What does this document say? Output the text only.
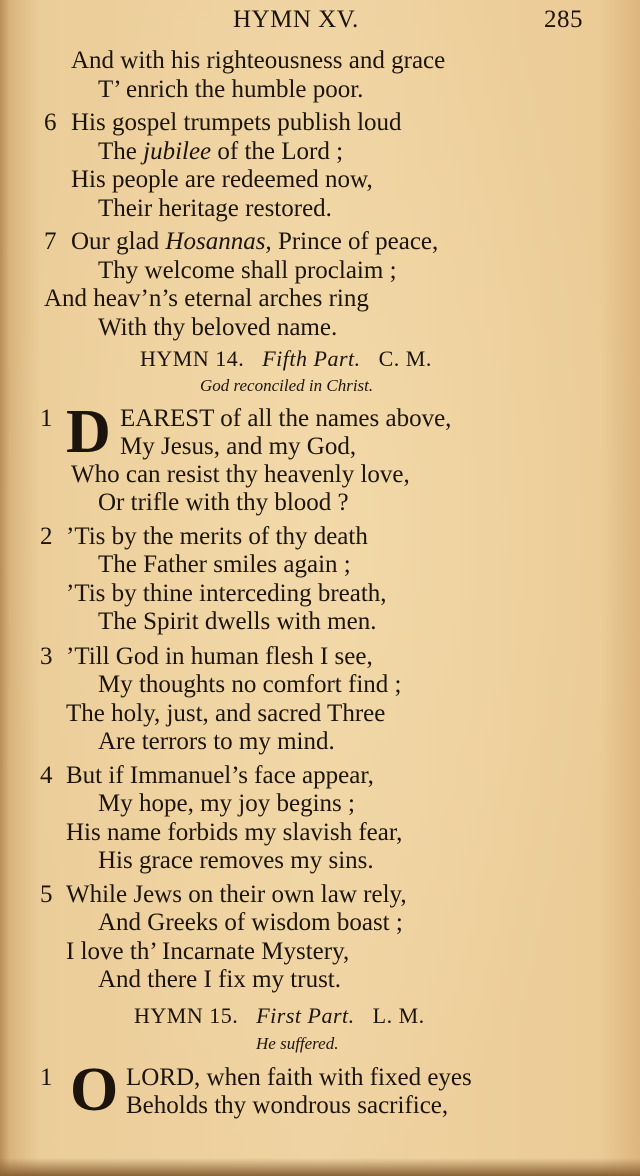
HYMN XV.	285
And with his righteousness and grace
T’ enrich the humble poor.
6 His gospel trumpets publish loud
The jubilee of the Lord ;
His people are redeemed now,
Their heritage restored.
7 Our glad Hosannas, Prince of peace,
Thy welcome shall proclaim ;
And heav’n’s eternal arches ring
With thy beloved name.
HYMN 14. Fifth Part. C. M.
God reconciled in Christ.
1 D EAREST of all the names above,
My Jesus, and my God,
Who can resist thy heavenly love,
Or trifle with thy blood ?
2 ’Tis by the merits of thy death
The Father smiles again ;
’Tis by thine interceding breath,
The Spirit dwells with men.
3 ’Till God in human flesh I see,
My thoughts no comfort find ;
The holy, just, and sacred Three
Are terrors to my mind.
4 But if Immanuel’s face appear,
My hope, my joy begins ;
His name forbids my slavish fear,
His grace removes my sins.
5 While Jews on their own law rely,
And Greeks of wisdom boast ;
I love th’ Incarnate Mystery,
And there I fix my trust.
HYMN 15. First Part. L. M.
He suffered.
1 O LORD, when faith with fixed eyes
Beholds thy wondrous sacrifice,
